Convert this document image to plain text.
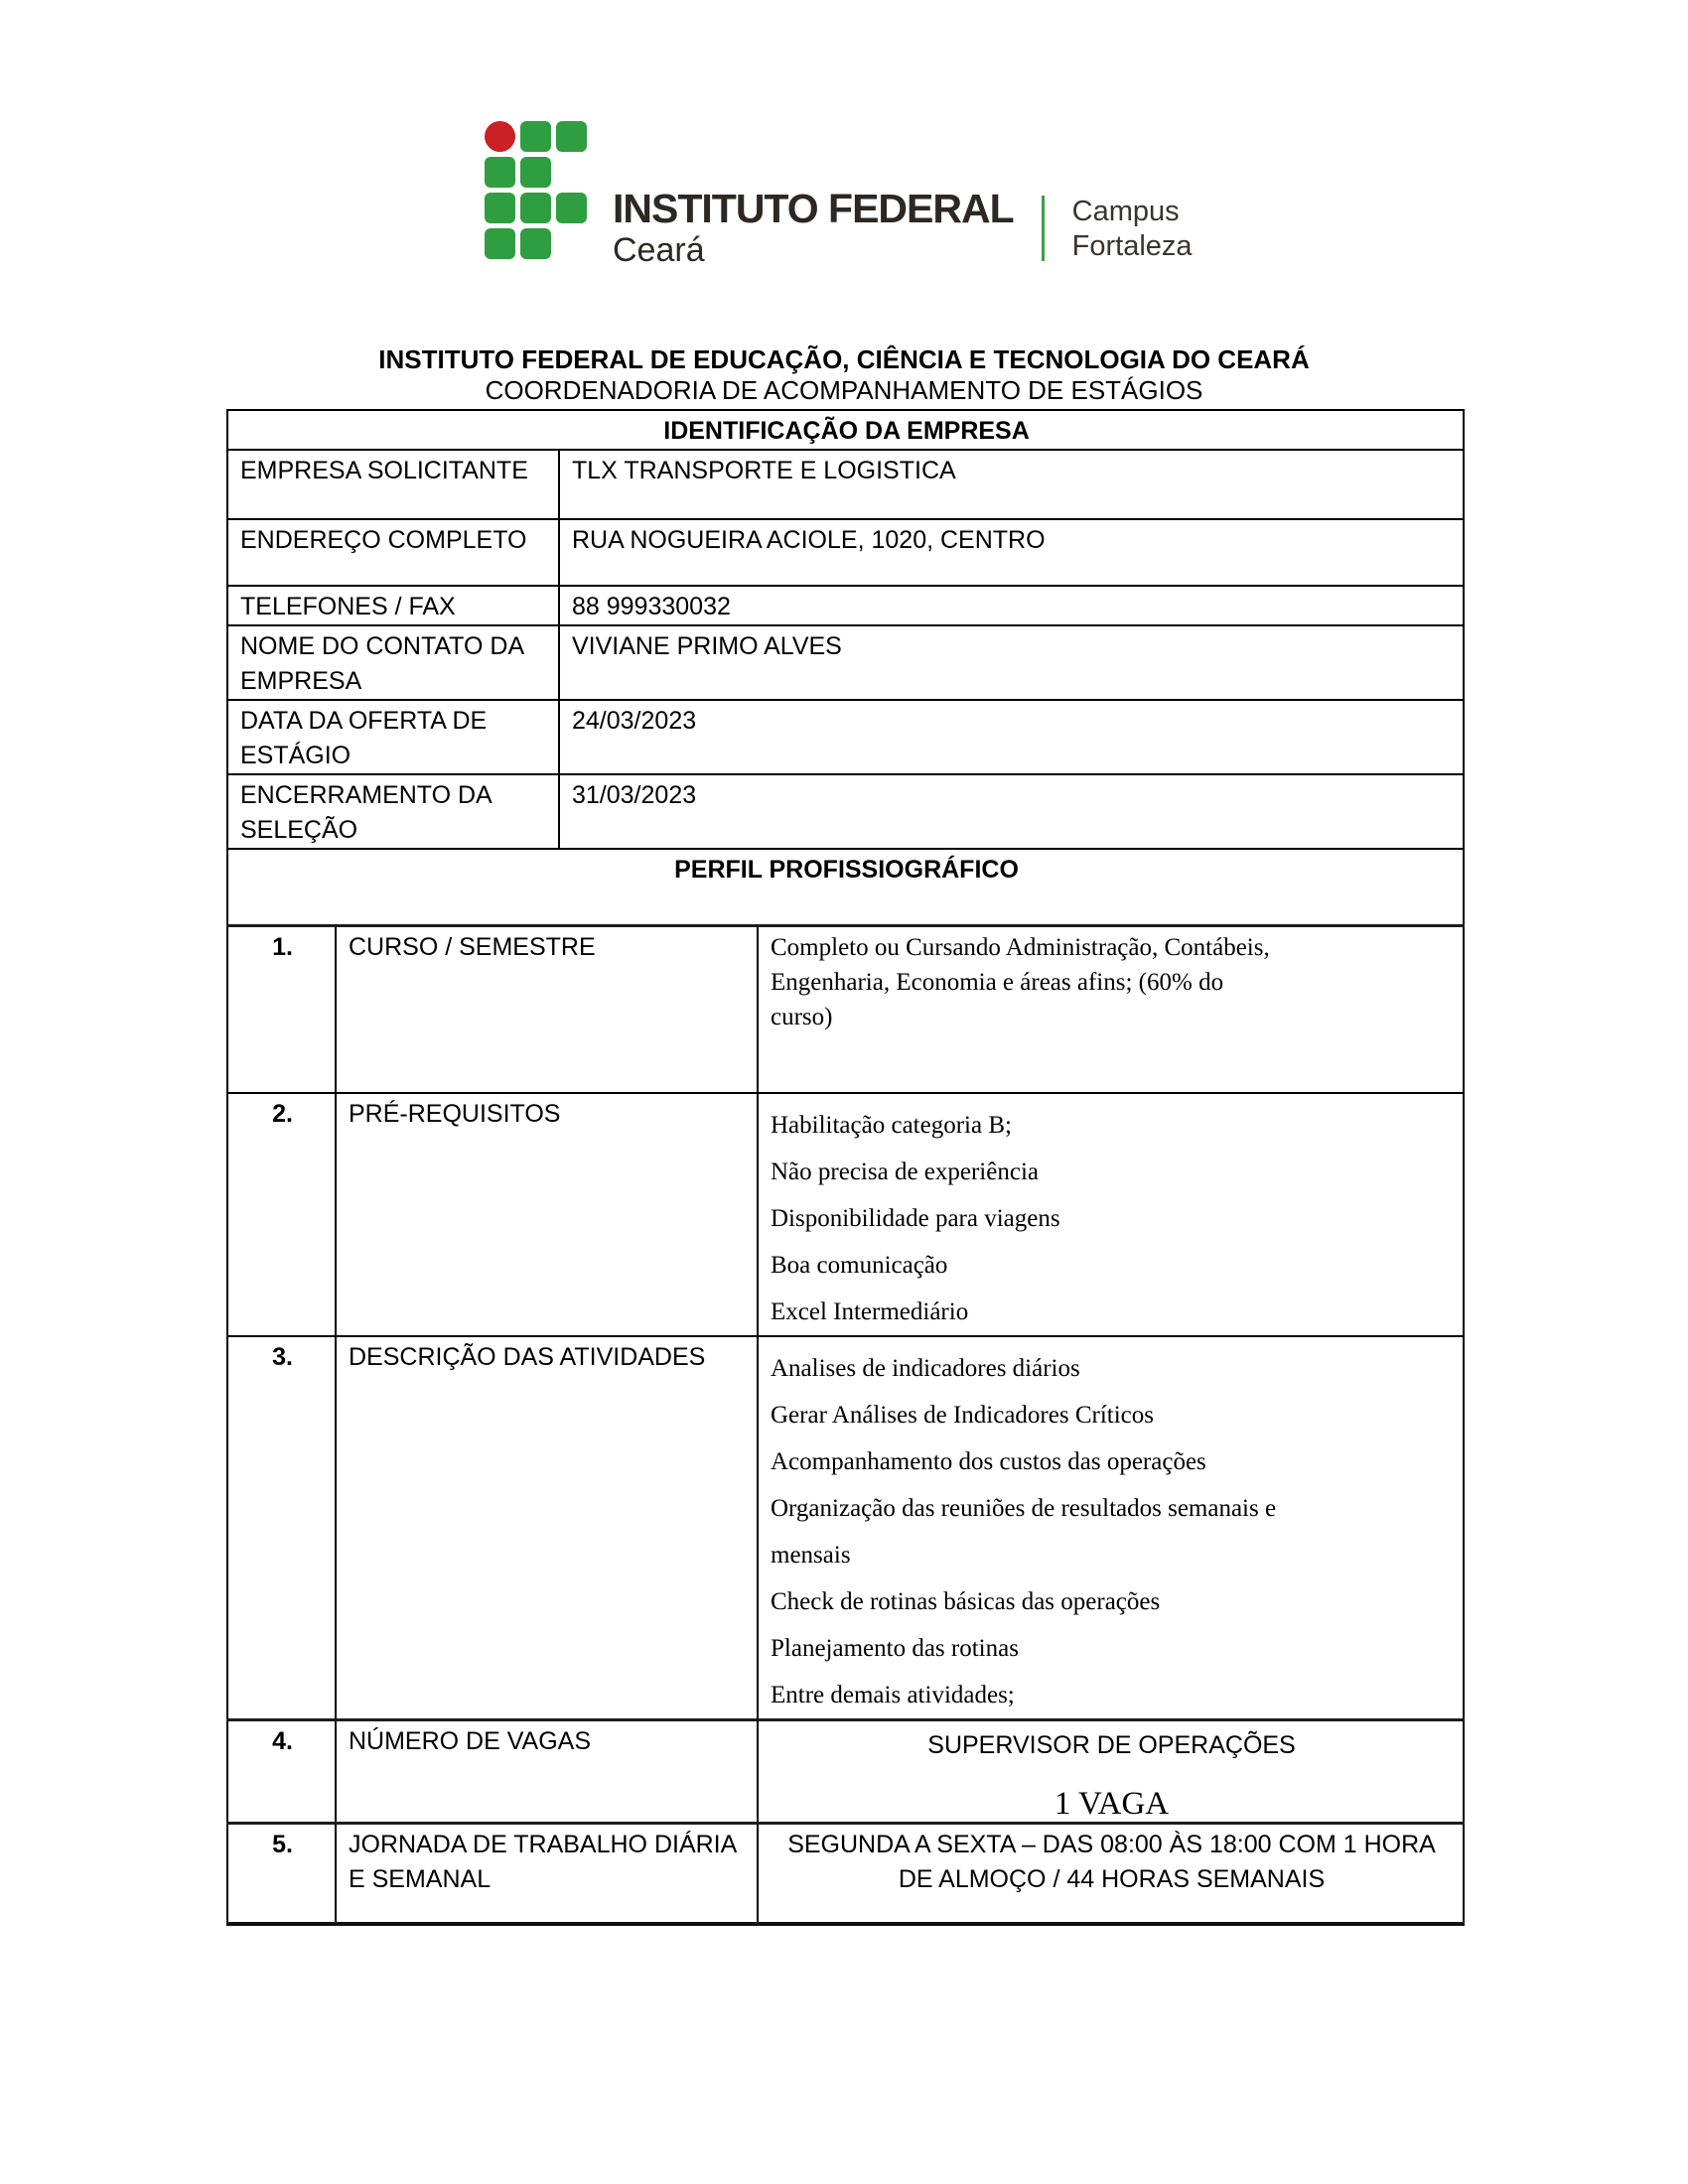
INSTITUTO FEDERAL
Ceará
Campus
Fortaleza
INSTITUTO FEDERAL DE EDUCAÇÃO, CIÊNCIA E TECNOLOGIA DO CEARÁ
COORDENADORIA DE ACOMPANHAMENTO DE ESTÁGIOS
IDENTIFICAÇÃO DA EMPRESA			
EMPRESA SOLICITANTE		TLX TRANSPORTE E LOGISTICA	
ENDEREÇO COMPLETO		RUA NOGUEIRA ACIOLE, 1020, CENTRO	
TELEFONES / FAX		88 999330032	
NOME DO CONTATO DA
EMPRESA		VIVIANE PRIMO ALVES	
DATA DA OFERTA DE
ESTÁGIO		24/03/2023	
ENCERRAMENTO DA
SELEÇÃO		31/03/2023	
PERFIL PROFISSIOGRÁFICO			
1.	CURSO / SEMESTRE		Completo ou Cursando Administração, Contábeis,
Engenharia, Economia e áreas afins; (60% do
curso)
2.	PRÉ-REQUISITOS		Habilitação categoria B;
Não precisa de experiência
Disponibilidade para viagens
Boa comunicação
Excel Intermediário
3.	DESCRIÇÃO DAS ATIVIDADES	Analises de indicadores diários
Gerar Análises de Indicadores Críticos
Acompanhamento dos custos das operações
Organização das reuniões de resultados semanais e
mensais
Check de rotinas básicas das operações
Planejamento das rotinas
Entre demais atividades;
4.	NÚMERO DE VAGAS		SUPERVISOR DE OPERAÇÕES
1 VAGA

5.	JORNADA DE TRABALHO DIÁRIA
E SEMANAL		SEGUNDA A SEXTA – DAS 08:00 ÀS 18:00 COM 1 HORA
DE ALMOÇO / 44 HORAS SEMANAIS
